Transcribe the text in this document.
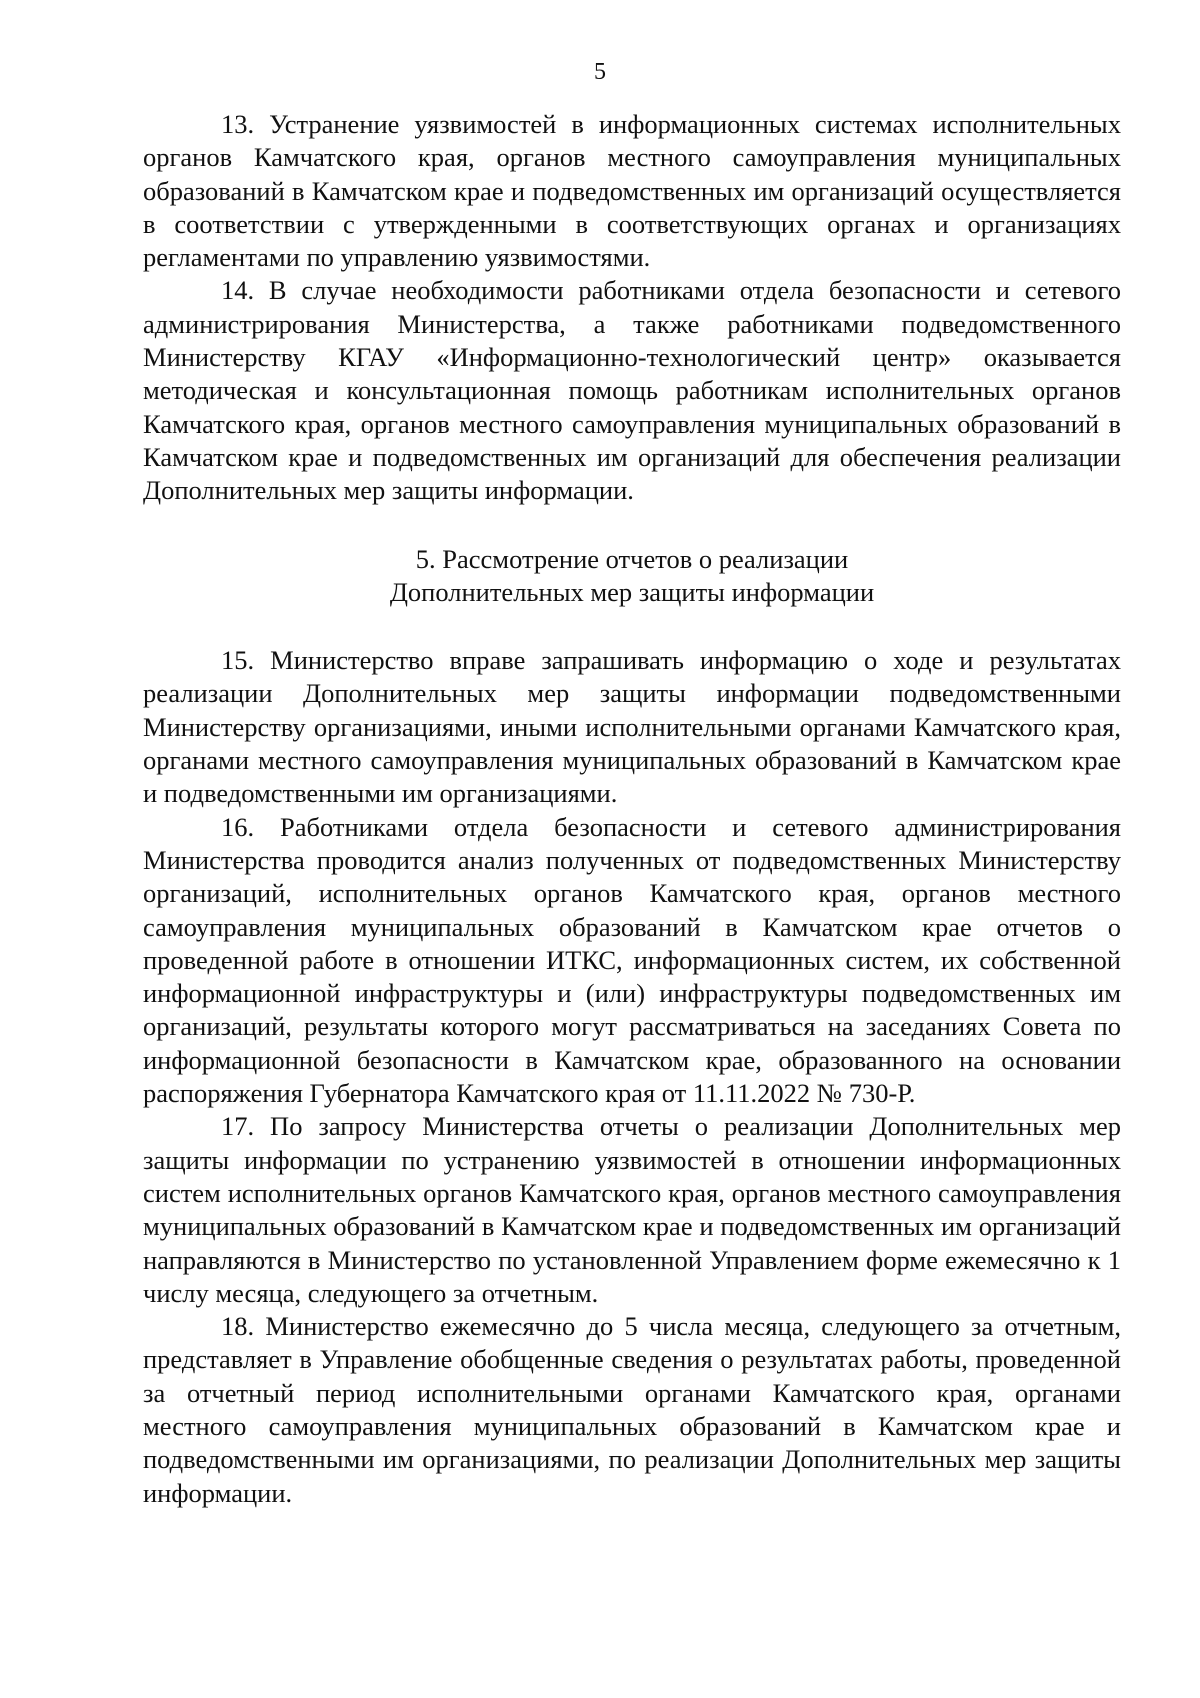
5

13. Устранение уязвимостей в информационных системах исполнительных органов Камчатского края, органов местного самоуправления муниципальных образований в Камчатском крае и подведомственных им организаций осуществляется в соответствии с утвержденными в соответствующих органах и организациях регламентами по управлению уязвимостями.

14. В случае необходимости работниками отдела безопасности и сетевого администрирования Министерства, а также работниками подведомственного Министерству КГАУ «Информационно-технологический центр» оказывается методическая и консультационная помощь работникам исполнительных органов Камчатского края, органов местного самоуправления муниципальных образований в Камчатском крае и подведомственных им организаций для обеспечения реализации Дополнительных мер защиты информации.

5. Рассмотрение отчетов о реализации
Дополнительных мер защиты информации

15. Министерство вправе запрашивать информацию о ходе и результатах реализации Дополнительных мер защиты информации подведомственными Министерству организациями, иными исполнительными органами Камчатского края, органами местного самоуправления муниципальных образований в Камчатском крае и подведомственными им организациями.

16. Работниками отдела безопасности и сетевого администрирования Министерства проводится анализ полученных от подведомственных Министерству организаций, исполнительных органов Камчатского края, органов местного самоуправления муниципальных образований в Камчатском крае отчетов о проведенной работе в отношении ИТКС, информационных систем, их собственной информационной инфраструктуры и (или) инфраструктуры подведомственных им организаций, результаты которого могут рассматриваться на заседаниях Совета по информационной безопасности в Камчатском крае, образованного на основании распоряжения Губернатора Камчатского края от 11.11.2022 № 730-Р.

17. По запросу Министерства отчеты о реализации Дополнительных мер защиты информации по устранению уязвимостей в отношении информационных систем исполнительных органов Камчатского края, органов местного самоуправления муниципальных образований в Камчатском крае и подведомственных им организаций направляются в Министерство по установленной Управлением форме ежемесячно к 1 числу месяца, следующего за отчетным.

18. Министерство ежемесячно до 5 числа месяца, следующего за отчетным, представляет в Управление обобщенные сведения о результатах работы, проведенной за отчетный период исполнительными органами Камчатского края, органами местного самоуправления муниципальных образований в Камчатском крае и подведомственными им организациями, по реализации Дополнительных мер защиты информации.
